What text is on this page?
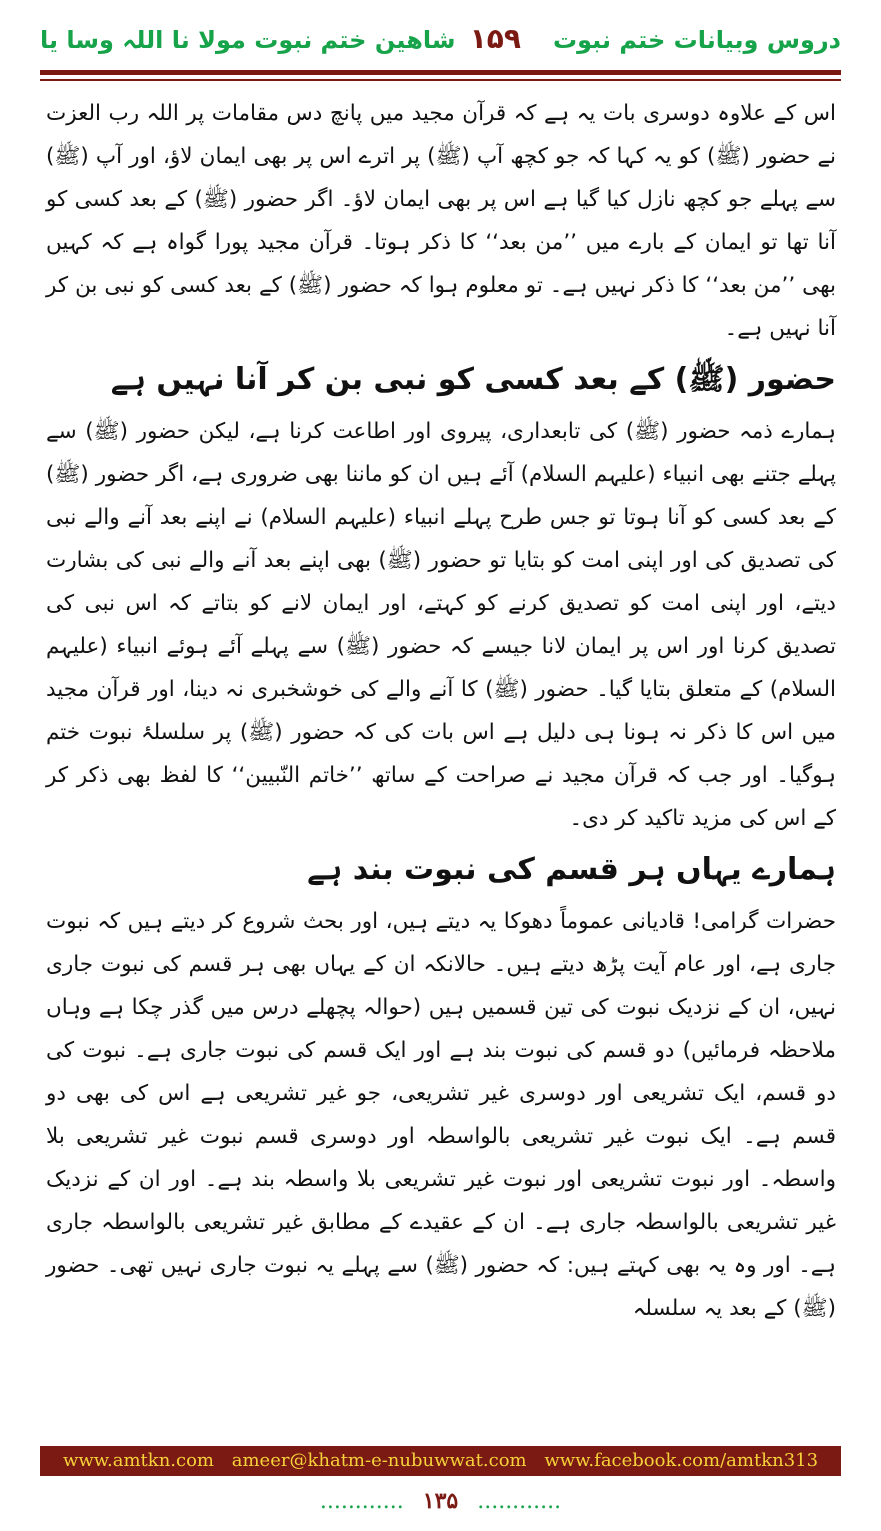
دروس وبیانات ختم نبوت
۱۵۹
شاھین ختم نبوت مولا نا اللہ وسا یا

اس کے علاوہ دوسری بات یہ ہے کہ قرآن مجید میں پانچ دس مقامات پر اللہ رب العزت نے حضور (ﷺ) کو یہ کہا کہ جو کچھ آپ (ﷺ) پر اترے اس پر بھی ایمان لاؤ، اور آپ (ﷺ) سے پہلے جو کچھ نازل کیا گیا ہے اس پر بھی ایمان لاؤ۔ اگر حضور (ﷺ) کے بعد کسی کو آنا تھا تو ایمان کے بارے میں ’’من بعد‘‘ کا ذکر ہوتا۔ قرآن مجید پورا گواہ ہے کہ کہیں بھی ’’من بعد‘‘ کا ذکر نہیں ہے۔ تو معلوم ہوا کہ حضور (ﷺ) کے بعد کسی کو نبی بن کر آنا نہیں ہے۔

حضور (ﷺ) کے بعد کسی کو نبی بن کر آنا نہیں ہے

ہمارے ذمہ حضور (ﷺ) کی تابعداری، پیروی اور اطاعت کرنا ہے، لیکن حضور (ﷺ) سے پہلے جتنے بھی انبیاء (علیہم السلام) آئے ہیں ان کو ماننا بھی ضروری ہے، اگر حضور (ﷺ) کے بعد کسی کو آنا ہوتا تو جس طرح پہلے انبیاء (علیہم السلام) نے اپنے بعد آنے والے نبی کی تصدیق کی اور اپنی امت کو بتایا تو حضور (ﷺ) بھی اپنے بعد آنے والے نبی کی بشارت دیتے، اور اپنی امت کو تصدیق کرنے کو کہتے، اور ایمان لانے کو بتاتے کہ اس نبی کی تصدیق کرنا اور اس پر ایمان لانا جیسے کہ حضور (ﷺ) سے پہلے آئے ہوئے انبیاء (علیہم السلام) کے متعلق بتایا گیا۔ حضور (ﷺ) کا آنے والے کی خوشخبری نہ دینا، اور قرآن مجید میں اس کا ذکر نہ ہونا ہی دلیل ہے اس بات کی کہ حضور (ﷺ) پر سلسلۂ نبوت ختم ہوگیا۔ اور جب کہ قرآن مجید نے صراحت کے ساتھ ’’خاتم النّبیین‘‘ کا لفظ بھی ذکر کر کے اس کی مزید تاکید کر دی۔

ہمارے یہاں ہر قسم کی نبوت بند ہے

حضرات گرامی! قادیانی عموماً دھوکا یہ دیتے ہیں، اور بحث شروع کر دیتے ہیں کہ نبوت جاری ہے، اور عام آیت پڑھ دیتے ہیں۔ حالانکہ ان کے یہاں بھی ہر قسم کی نبوت جاری نہیں، ان کے نزدیک نبوت کی تین قسمیں ہیں (حوالہ پچھلے درس میں گذر چکا ہے وہاں ملاحظہ فرمائیں) دو قسم کی نبوت بند ہے اور ایک قسم کی نبوت جاری ہے۔ نبوت کی دو قسم، ایک تشریعی اور دوسری غیر تشریعی، جو غیر تشریعی ہے اس کی بھی دو قسم ہے۔ ایک نبوت غیر تشریعی بالواسطہ اور دوسری قسم نبوت غیر تشریعی بلا واسطہ۔ اور نبوت تشریعی اور نبوت غیر تشریعی بلا واسطہ بند ہے۔ اور ان کے نزدیک غیر تشریعی بالواسطہ جاری ہے۔ ان کے عقیدے کے مطابق غیر تشریعی بالواسطہ جاری ہے۔ اور وہ یہ بھی کہتے ہیں: کہ حضور (ﷺ) سے پہلے یہ نبوت جاری نہیں تھی۔ حضور (ﷺ) کے بعد یہ سلسلہ

www.amtkn.com ameer@khatm-e-nubuwwat.com www.facebook.com/amtkn313
............ ۱۳۵ ............
